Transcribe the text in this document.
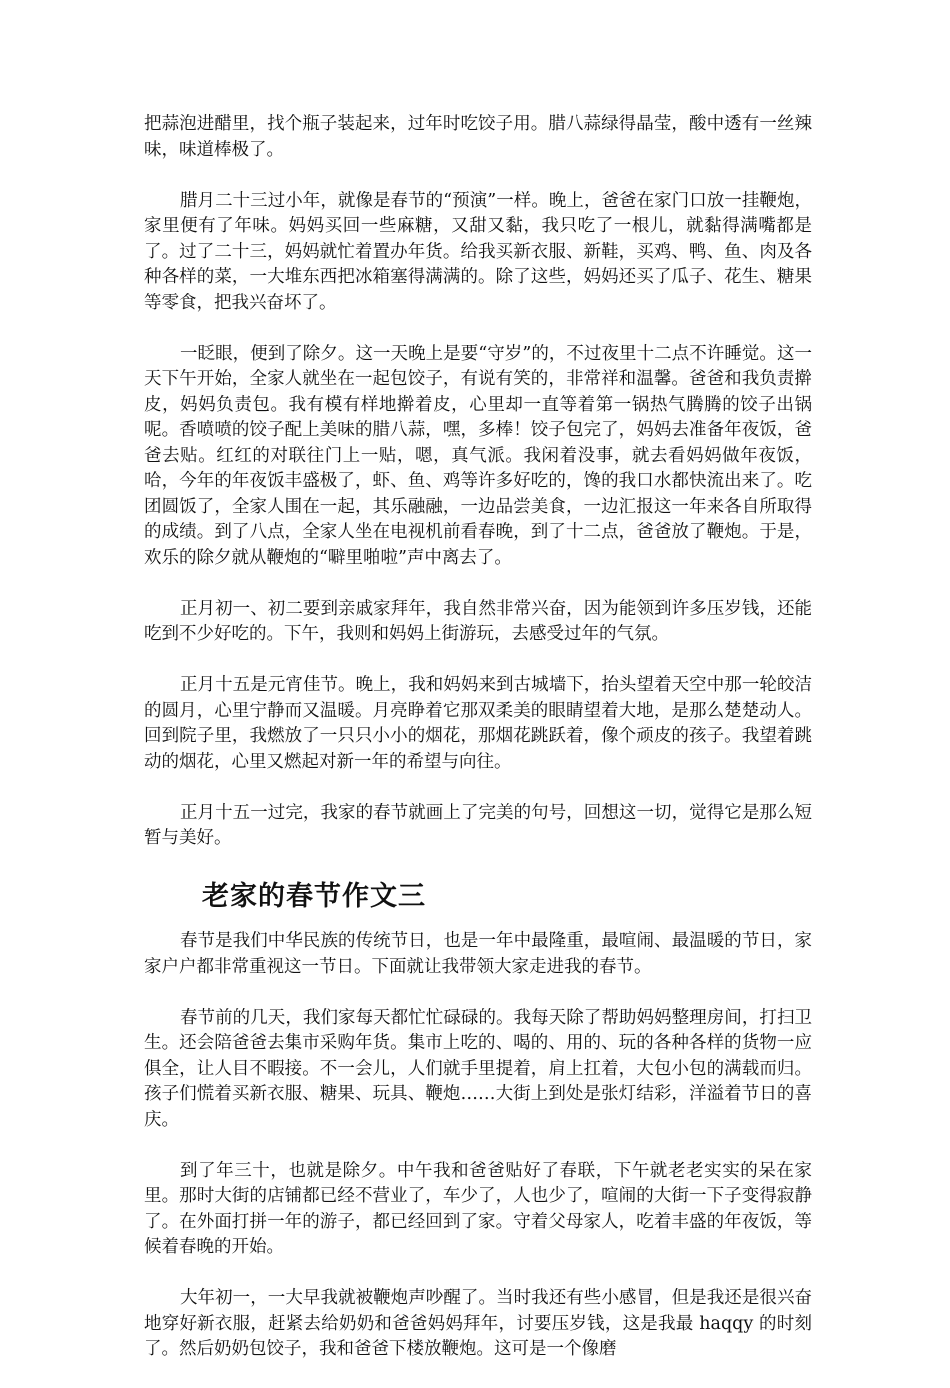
把蒜泡进醋里，找个瓶子装起来，过年时吃饺子用。腊八蒜绿得晶莹，酸中透有一丝辣味，味道棒极了。

腊月二十三过小年，就像是春节的“预演”一样。晚上，爸爸在家门口放一挂鞭炮，家里便有了年味。妈妈买回一些麻糖，又甜又黏，我只吃了一根儿，就黏得满嘴都是了。过了二十三，妈妈就忙着置办年货。给我买新衣服、新鞋，买鸡、鸭、鱼、肉及各种各样的菜，一大堆东西把冰箱塞得满满的。除了这些，妈妈还买了瓜子、花生、糖果等零食，把我兴奋坏了。

一眨眼，便到了除夕。这一天晚上是要“守岁”的，不过夜里十二点不许睡觉。这一天下午开始，全家人就坐在一起包饺子，有说有笑的，非常祥和温馨。爸爸和我负责擀皮，妈妈负责包。我有模有样地擀着皮，心里却一直等着第一锅热气腾腾的饺子出锅呢。香喷喷的饺子配上美味的腊八蒜，嘿，多棒！饺子包完了，妈妈去准备年夜饭，爸爸去贴。红红的对联往门上一贴，嗯，真气派。我闲着没事，就去看妈妈做年夜饭，哈，今年的年夜饭丰盛极了，虾、鱼、鸡等许多好吃的，馋的我口水都快流出来了。吃团圆饭了，全家人围在一起，其乐融融，一边品尝美食，一边汇报这一年来各自所取得的成绩。到了八点，全家人坐在电视机前看春晚，到了十二点，爸爸放了鞭炮。于是，欢乐的除夕就从鞭炮的“噼里啪啦”声中离去了。

正月初一、初二要到亲戚家拜年，我自然非常兴奋，因为能领到许多压岁钱，还能吃到不少好吃的。下午，我则和妈妈上街游玩，去感受过年的气氛。

正月十五是元宵佳节。晚上，我和妈妈来到古城墙下，抬头望着天空中那一轮皎洁的圆月，心里宁静而又温暖。月亮睁着它那双柔美的眼睛望着大地，是那么楚楚动人。回到院子里，我燃放了一只只小小的烟花，那烟花跳跃着，像个顽皮的孩子。我望着跳动的烟花，心里又燃起对新一年的希望与向往。

正月十五一过完，我家的春节就画上了完美的句号，回想这一切，觉得它是那么短暂与美好。

老家的春节作文三

春节是我们中华民族的传统节日，也是一年中最隆重，最喧闹、最温暖的节日，家家户户都非常重视这一节日。下面就让我带领大家走进我的春节。

春节前的几天，我们家每天都忙忙碌碌的。我每天除了帮助妈妈整理房间，打扫卫生。还会陪爸爸去集市采购年货。集市上吃的、喝的、用的、玩的各种各样的货物一应俱全，让人目不暇接。不一会儿，人们就手里提着，肩上扛着，大包小包的满载而归。孩子们慌着买新衣服、糖果、玩具、鞭炮……大街上到处是张灯结彩，洋溢着节日的喜庆。

到了年三十，也就是除夕。中午我和爸爸贴好了春联，下午就老老实实的呆在家里。那时大街的店铺都已经不营业了，车少了，人也少了，喧闹的大街一下子变得寂静了。在外面打拼一年的游子，都已经回到了家。守着父母家人，吃着丰盛的年夜饭，等候着春晚的开始。

大年初一，一大早我就被鞭炮声吵醒了。当时我还有些小感冒，但是我还是很兴奋地穿好新衣服，赶紧去给奶奶和爸爸妈妈拜年，讨要压岁钱，这是我最 haqqy 的时刻了。然后奶奶包饺子，我和爸爸下楼放鞭炮。这可是一个像磨
